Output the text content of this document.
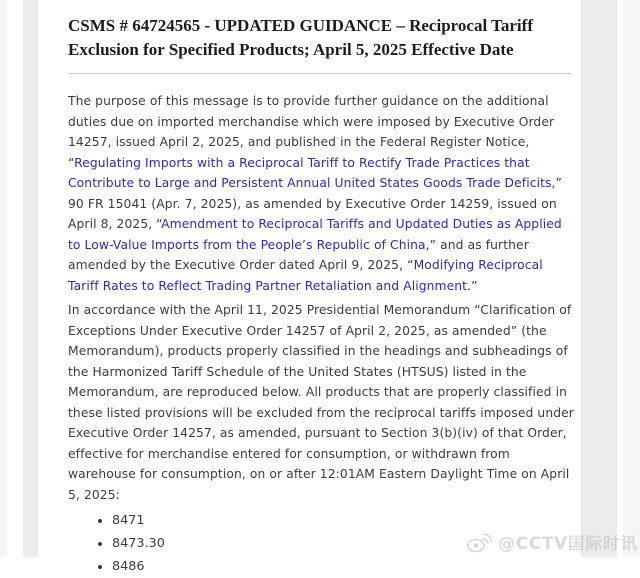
CSMS # 64724565 - UPDATED GUIDANCE – Reciprocal Tariff Exclusion for Specified Products; April 5, 2025 Effective Date

The purpose of this message is to provide further guidance on the additional duties due on imported merchandise which were imposed by Executive Order 14257, issued April 2, 2025, and published in the Federal Register Notice, “Regulating Imports with a Reciprocal Tariff to Rectify Trade Practices that Contribute to Large and Persistent Annual United States Goods Trade Deficits,” 90 FR 15041 (Apr. 7, 2025), as amended by Executive Order 14259, issued on April 8, 2025, “Amendment to Reciprocal Tariffs and Updated Duties as Applied to Low-Value Imports from the People’s Republic of China,” and as further amended by the Executive Order dated April 9, 2025, “Modifying Reciprocal Tariff Rates to Reflect Trading Partner Retaliation and Alignment.”

In accordance with the April 11, 2025 Presidential Memorandum “Clarification of Exceptions Under Executive Order 14257 of April 2, 2025, as amended” (the Memorandum), products properly classified in the headings and subheadings of the Harmonized Tariff Schedule of the United States (HTSUS) listed in the Memorandum, are reproduced below. All products that are properly classified in these listed provisions will be excluded from the reciprocal tariffs imposed under Executive Order 14257, as amended, pursuant to Section 3(b)(iv) of that Order, effective for merchandise entered for consumption, or withdrawn from warehouse for consumption, on or after 12:01AM Eastern Daylight Time on April 5, 2025:

• 8471
• 8473.30
• 8486
@CCTV国际时讯
